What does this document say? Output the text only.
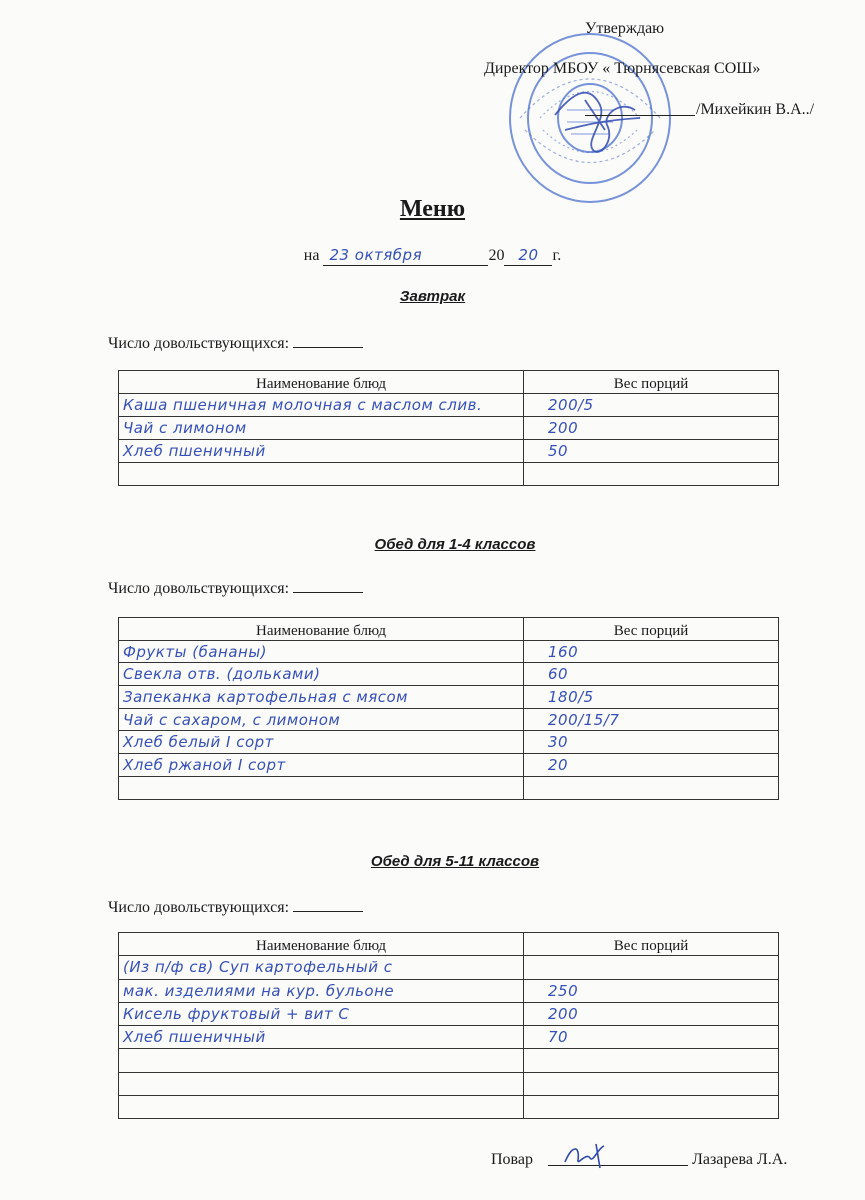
Утверждаю
Директор МБОУ « Тюрнясевская СОШ»
/Михейкин В.А../
Меню
на 23 октября	20 20 г.
Завтрак
Число довольствующихся:
Наименование блюд	Вес порций
Каша пшеничная молочная с маслом слив.	200/5
Чай с лимоном	200
Хлеб пшеничный	50

Обед для 1-4 классов
Число довольствующихся:
Наименование блюд	Вес порций
Фрукты (бананы)	160
Свекла отв. (дольками)	60
Запеканка картофельная с мясом	180/5
Чай с сахаром, с лимоном	200/15/7
Хлеб белый I сорт	30
Хлеб ржаной I сорт	20

Обед для 5-11 классов
Число довольствующихся:
Наименование блюд	Вес порций
(Из п/ф св) Суп картофельный с	
мак. изделиями на кур. бульоне	250
Кисель фруктовый + вит С	200
Хлеб пшеничный	70

Повар	Лазарева Л.А.
